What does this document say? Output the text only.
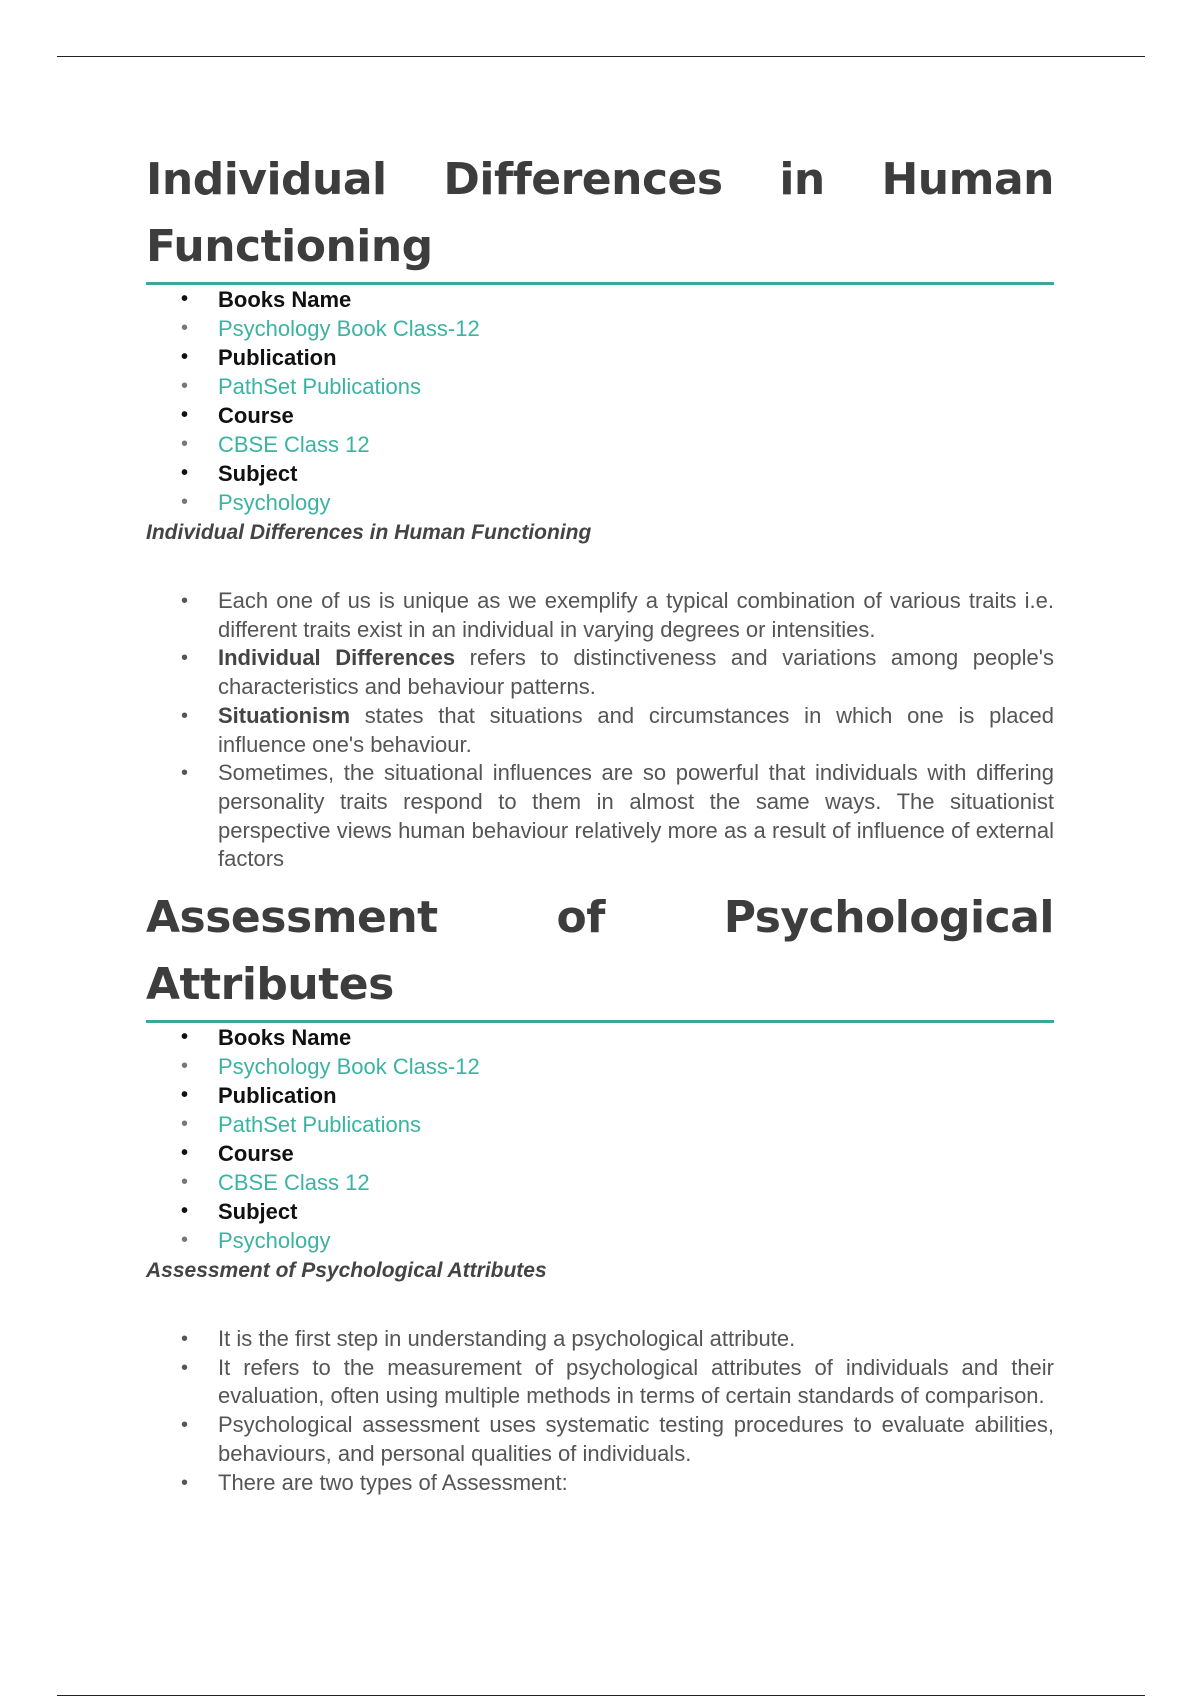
Individual Differences in Human Functioning
• Books Name
• Psychology Book Class-12
• Publication
• PathSet Publications
• Course
• CBSE Class 12
• Subject
• Psychology

Individual Differences in Human Functioning

• Each one of us is unique as we exemplify a typical combination of various traits i.e. different traits exist in an individual in varying degrees or intensities.
• Individual Differences refers to distinctiveness and variations among people's characteristics and behaviour patterns.
• Situationism states that situations and circumstances in which one is placed influence one's behaviour.
• Sometimes, the situational influences are so powerful that individuals with differing personality traits respond to them in almost the same ways. The situationist perspective views human behaviour relatively more as a result of influence of external factors
Assessment of Psychological Attributes
• Books Name
• Psychology Book Class-12
• Publication
• PathSet Publications
• Course
• CBSE Class 12
• Subject
• Psychology

Assessment of Psychological Attributes

• It is the first step in understanding a psychological attribute.
• It refers to the measurement of psychological attributes of individuals and their evaluation, often using multiple methods in terms of certain standards of comparison.
• Psychological assessment uses systematic testing procedures to evaluate abilities, behaviours, and personal qualities of individuals.
• There are two types of Assessment:
